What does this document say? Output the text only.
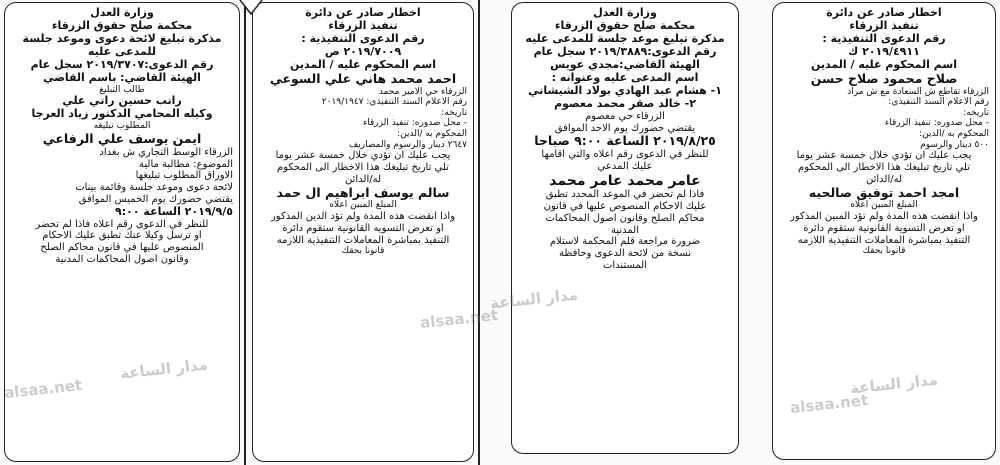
اخطار صادر عن دائرة
تنفيذ الزرقاء
رقم الدعوى التنفيذية :
٢٠١٩/٤٩١١ ك
اسم المحكوم عليه / المدين
صلاح محمود صلاح حسن
الزرقاء تقاطع ش السعادة مع ش مراد
رقم الاعلام السند التنفيذي:
تاريخه:
- محل صدوره: تنفيذ الزرقاء
المحكوم به /الدين:
٥٠٠ دينار والرسوم
يجب عليك ان تؤدي خلال خمسة عشر يوما
تلي تاريخ تبليغك هذا الاخطار الى المحكوم
له/الدائن
امجد احمد توفيق صالحيه
المبلغ المبين اعلاه
واذا انقضت هذه المدة ولم تؤد المبين المذكور
او تعرض التسوية القانونية ستقوم دائرة
التنفيذ بمباشرة المعاملات التنفيذية اللازمه
قانونا بحقك
وزارة العدل
محكمة صلح حقوق الزرقاء
مذكرة تبليغ موعد جلسة للمدعى عليه
رقم الدعوى:٢٠١٩/٣٨٨٩ سجل عام
الهيئة القاضي:مجدي عويس
اسم المدعى عليه وعنوانه :
١- هشام عبد الهادي بولاد الشيشاني
٢- خالد صقر محمد معصوم
الزرقاء حي معصوم
يقتضي حضورك يوم الاحد الموافق
٢٠١٩/٨/٢٥ الساعة ٩:٠٠ صباحا
للنظر في الدعوى رقم اعلاه والتي اقامها
عليك المدعي
عامر محمد عامر محمد
فاذا لم تحضر في الموعد المحدد تطبق
عليك الاحكام المنصوص عليها في قانون
محاكم الصلح وقانون اصول المحاكمات
المدنية
ضرورة مراجعة قلم المحكمة لاستلام
نسخة من لائحة الدعوى وحافظة
المستندات
اخطار صادر عن دائرة
تنفيذ الزرقاء
رقم الدعوى التنفيذية :
٢٠١٩/٧٠٠٩ ص
اسم المحكوم عليه / المدين
احمد محمد هاني علي السوعي
الزرقاء حي الامير محمد
رقم الاعلام السند التنفيذي: ٢٠١٩/١٩٤٧
تاريخه:
- محل صدوره: تنفيذ الزرقاء
المحكوم به /الدين:
٢٦٤٧ دينار والرسوم والمصاريف
يجب عليك ان تؤدي خلال خمسة عشر يوما
تلي تاريخ تبليغك هذا الاخطار الى المحكوم
له/الدائن
سالم يوسف ابراهيم ال حمد
المبلغ المبين اعلاه
واذا انقضت هذه المدة ولم تؤد الدين المذكور
او تعرض التسويه القانونية ستقوم دائرة
التنفيذ بمباشرة المعاملات التنفيذية اللازمه
قانونا بحقك
وزارة العدل
محكمة صلح حقوق الزرقاء
مذكرة تبليغ لائحة دعوى وموعد جلسة
للمدعى عليه
رقم الدعوى:٢٠١٩/٣٧٠٧ سجل عام
الهيئة القاضي: باسم القاضي
طالب التبليغ
راتب حسين راتي علي
وكيله المحامي الدكتور زياد العرجا
المطلوب تبليغه
ايمن يوسف علي الرفاعي
الزرقاء الوسط التجاري ش بغداد
الموضوع: مطالبة مالية
الاوراق المطلوب تبليغها
لائحة دعوى وموعد جلسة وقائمة بينات
يقتضي حضورك يوم الخميس الموافق
٢٠١٩/٩/٥ الساعة ٩:٠٠
للنظر في الدعوى رقم اعلاه فاذا لم تحضر
او ترسل وكيلا عنك تطبق عليك الاحكام
المنصوص عليها في قانون محاكم الصلح
وقانون اصول المحاكمات المدنية
مدار الساعة
alsaa.net
مدار الساعة
alsaa.net	مدار الساعة
alsaa.net
